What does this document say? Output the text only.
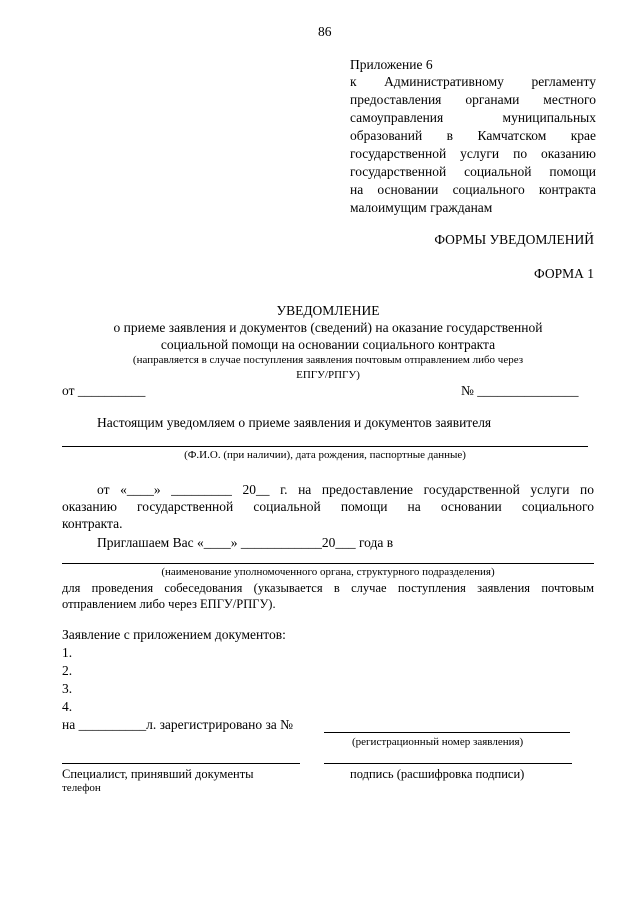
86
Приложение 6
к Административному регламенту
предоставления органами местного
самоуправления муниципальных
образований в Камчатском крае
государственной услуги по оказанию
государственной социальной помощи
на основании социального контракта
малоимущим гражданам
ФОРМЫ УВЕДОМЛЕНИЙ
ФОРМА 1
УВЕДОМЛЕНИЕ
о приеме заявления и документов (сведений) на оказание государственной
социальной помощи на основании социального контракта
(направляется в случае поступления заявления почтовым отправлением либо через
ЕПГУ/РПГУ)
от __________	№ _______________
Настоящим уведомляем о приеме заявления и документов заявителя
(Ф.И.О. (при наличии), дата рождения, паспортные данные)
от «____» _________ 20__ г. на предоставление государственной услуги по
оказанию государственной социальной помощи на основании социального
контракта.
Приглашаем Вас «____» ____________20___ года в
(наименование уполномоченного органа, структурного подразделения)
для проведения собеседования (указывается в случае поступления заявления почтовым
отправлением либо через ЕПГУ/РПГУ).
Заявление с приложением документов:
1.
2.
3.
4.
на __________л. зарегистрировано за №
(регистрационный номер заявления)
Специалист, принявший документы	подпись (расшифровка подписи)
телефон
